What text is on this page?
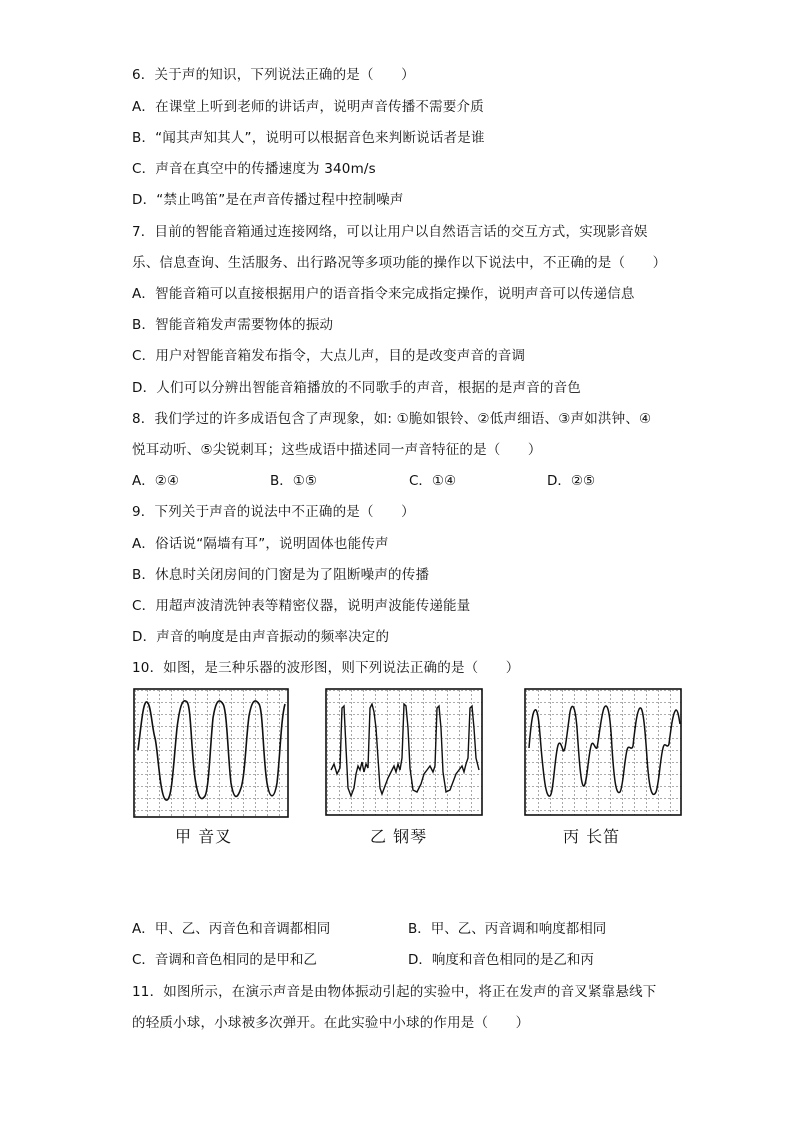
6．关于声的知识，下列说法正确的是（　　）
A．在课堂上听到老师的讲话声，说明声音传播不需要介质
B．“闻其声知其人”，说明可以根据音色来判断说话者是谁
C．声音在真空中的传播速度为 340m/s
D．“禁止鸣笛”是在声音传播过程中控制噪声
7．目前的智能音箱通过连接网络，可以让用户以自然语言话的交互方式，实现影音娱
乐、信息查询、生活服务、出行路况等多项功能的操作以下说法中，不正确的是（　　）
A．智能音箱可以直接根据用户的语音指令来完成指定操作，说明声音可以传递信息
B．智能音箱发声需要物体的振动
C．用户对智能音箱发布指令，大点儿声，目的是改变声音的音调
D．人们可以分辨出智能音箱播放的不同歌手的声音，根据的是声音的音色
8．我们学过的许多成语包含了声现象，如: ①脆如银铃、②低声细语、③声如洪钟、④
悦耳动听、⑤尖锐刺耳；这些成语中描述同一声音特征的是（　　）
A．②④	B．①⑤	C．①④	D．②⑤
9．下列关于声音的说法中不正确的是（　　）
A．俗话说“隔墙有耳”，说明固体也能传声
B．休息时关闭房间的门窗是为了阻断噪声的传播
C．用超声波清洗钟表等精密仪器，说明声波能传递能量
D．声音的响度是由声音振动的频率决定的
10．如图，是三种乐器的波形图，则下列说法正确的是（　　）
甲 音叉	乙 钢琴	丙 长笛
A．甲、乙、丙音色和音调都相同	B．甲、乙、丙音调和响度都相同
C．音调和音色相同的是甲和乙	D．响度和音色相同的是乙和丙
11．如图所示，在演示声音是由物体振动引起的实验中，将正在发声的音叉紧靠悬线下
的轻质小球，小球被多次弹开。在此实验中小球的作用是（　　）
